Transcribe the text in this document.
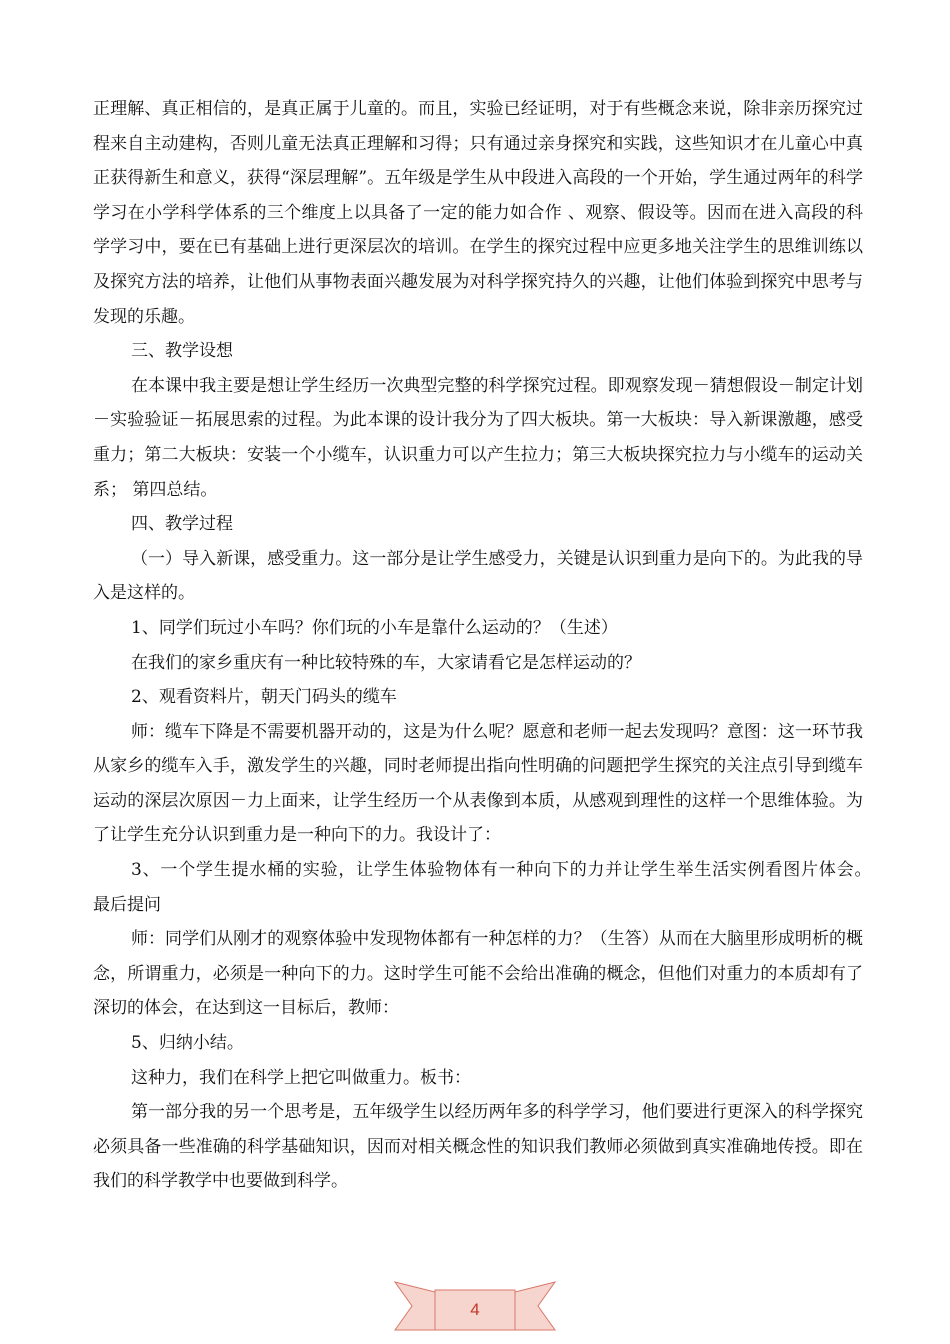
正理解、真正相信的，是真正属于儿童的。而且，实验已经证明，对于有些概念来说，除非亲历探究过程来自主动建构，否则儿童无法真正理解和习得；只有通过亲身探究和实践，这些知识才在儿童心中真正获得新生和意义，获得“深层理解”。五年级是学生从中段进入高段的一个开始，学生通过两年的科学学习在小学科学体系的三个维度上以具备了一定的能力如合作 、观察、假设等。因而在进入高段的科学学习中，要在已有基础上进行更深层次的培训。在学生的探究过程中应更多地关注学生的思维训练以及探究方法的培养，让他们从事物表面兴趣发展为对科学探究持久的兴趣，让他们体验到探究中思考与发现的乐趣。

三、教学设想

在本课中我主要是想让学生经历一次典型完整的科学探究过程。即观察发现－猜想假设－制定计划－实验验证－拓展思索的过程。为此本课的设计我分为了四大板块。第一大板块：导入新课激趣，感受重力；第二大板块：安装一个小缆车，认识重力可以产生拉力；第三大板块探究拉力与小缆车的运动关系； 第四总结。

四、教学过程

（一）导入新课，感受重力。这一部分是让学生感受力，关键是认识到重力是向下的。为此我的导入是这样的。

1、同学们玩过小车吗？你们玩的小车是靠什么运动的？（生述）

在我们的家乡重庆有一种比较特殊的车，大家请看它是怎样运动的？

2、观看资料片，朝天门码头的缆车

师：缆车下降是不需要机器开动的，这是为什么呢？愿意和老师一起去发现吗？意图：这一环节我从家乡的缆车入手，激发学生的兴趣，同时老师提出指向性明确的问题把学生探究的关注点引导到缆车运动的深层次原因－力上面来，让学生经历一个从表像到本质，从感观到理性的这样一个思维体验。为了让学生充分认识到重力是一种向下的力。我设计了：

3、一个学生提水桶的实验，让学生体验物体有一种向下的力并让学生举生活实例看图片体会。　 最后提问

师：同学们从刚才的观察体验中发现物体都有一种怎样的力？（生答）从而在大脑里形成明析的概念，所谓重力，必须是一种向下的力。这时学生可能不会给出准确的概念，但他们对重力的本质却有了深切的体会，在达到这一目标后，教师：

5、归纳小结。

这种力，我们在科学上把它叫做重力。板书：

第一部分我的另一个思考是，五年级学生以经历两年多的科学学习，他们要进行更深入的科学探究必须具备一些准确的科学基础知识，因而对相关概念性的知识我们教师必须做到真实准确地传授。即在我们的科学教学中也要做到科学。

4
